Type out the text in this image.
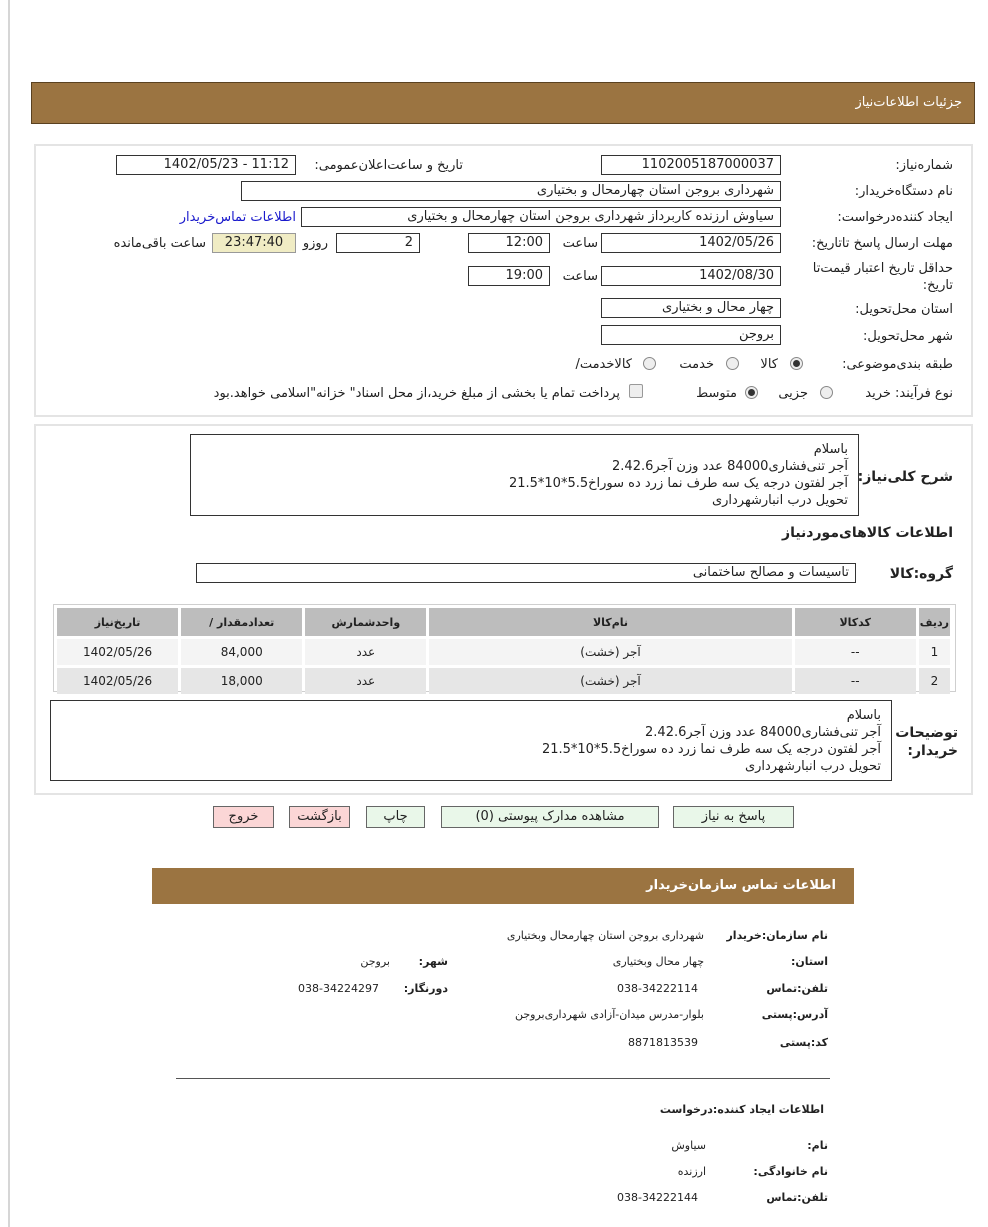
جزئیات اطلاعات‌نیاز
شماره‌نیاز:
1102005187000037
تاریخ و ساعت‌اعلان‌عمومی:
1402/05/23 - 11:12
نام دستگاه‌خریدار:
شهرداری بروجن استان چهارمحال و بختیاری
ایجاد کننده‌درخواست:
سیاوش ارزنده کاربرداز شهرداری بروجن استان چهارمحال و بختیاری
اطلاعات تماس‌خریدار
مهلت ارسال پاسخ تا‌تاریخ:
1402/05/26
ساعت
12:00
2
روزو
23:47:40
ساعت باقی‌مانده
حداقل تاریخ اعتبار قیمت‌تا
تاریخ:
1402/08/30
ساعت
19:00
استان محل‌تحویل:
چهار محال و بختیاری
شهر محل‌تحویل:
بروجن
طبقه بندی‌موضوعی:
کالا
خدمت
کالا‌خدمت/
نوع فرآیند: خرید
جزیی
متوسط
پرداخت تمام یا بخشی از مبلغ خرید،از محل اسناد" خزانه"اسلامی خواهد.بود
شرح کلی‌نیاز:
باسلام
آجر تنی‌فشاری84000 عدد وزن آجر2.42.6
آجر لفتون درجه یک سه طرف نما زرد ده سوراخ5.5*10*21.5
تحویل درب انبارشهرداری
اطلاعات کالاهای‌موردنیاز
گروه‌:کالا
تاسیسات و مصالح ساختمانی
ردیف	کدکالا	نام‌کالا	واحدشمارش	تعدادمقدار /	تاریخ‌نیاز
1	--	آجر (خشت)	عدد	84,000	1402/05/26
2	--	آجر (خشت)	عدد	18,000	1402/05/26
توضیحات
خریدار:
باسلام
آجر تنی‌فشاری84000 عدد وزن آجر2.42.6
آجر لفتون درجه یک سه طرف نما زرد ده سوراخ5.5*10*21.5
تحویل درب انبارشهرداری
پاسخ به نیاز
مشاهده مدارک پیوستی (0)
چاپ
بازگشت
خروج
اطلاعات تماس سازمان‌خریدار
نام سازمان:خریدار
شهرداری بروجن استان چهارمحال وبختیاری
استان:
چهار محال وبختیاری
شهر:
بروجن
تلفن:تماس
038-34222114
دورنگار:
038-34224297
آدرس:پستی
بلوار-مدرس میدان-آزادی شهرداری‌بروجن
کد:پستی
8871813539
اطلاعات ایجاد کننده:درخواست
نام:
سیاوش
نام خانوادگی:
ارزنده
تلفن:تماس
038-34222144
